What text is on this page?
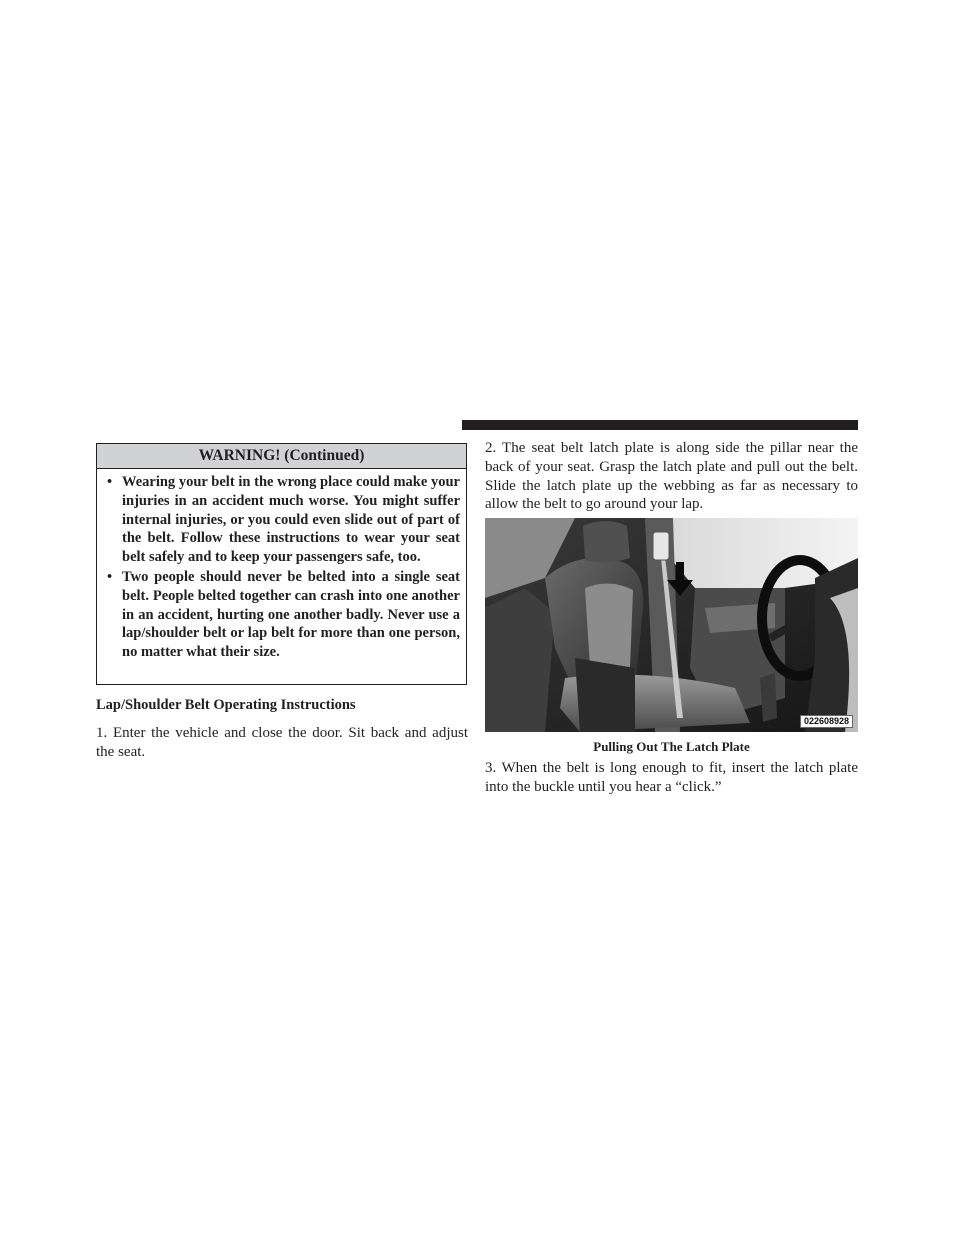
WARNING! (Continued)
• Wearing your belt in the wrong place could make your injuries in an accident much worse. You might suffer internal injuries, or you could even slide out of part of the belt. Follow these instructions to wear your seat belt safely and to keep your passengers safe, too.
• Two people should never be belted into a single seat belt. People belted together can crash into one another in an accident, hurting one another badly. Never use a lap/shoulder belt or lap belt for more than one person, no matter what their size.
Lap/Shoulder Belt Operating Instructions

1. Enter the vehicle and close the door. Sit back and adjust the seat.

2. The seat belt latch plate is along side the pillar near the back of your seat. Grasp the latch plate and pull out the belt. Slide the latch plate up the webbing as far as necessary to allow the belt to go around your lap.

022608928

Pulling Out The Latch Plate

3. When the belt is long enough to fit, insert the latch plate into the buckle until you hear a “click.”
